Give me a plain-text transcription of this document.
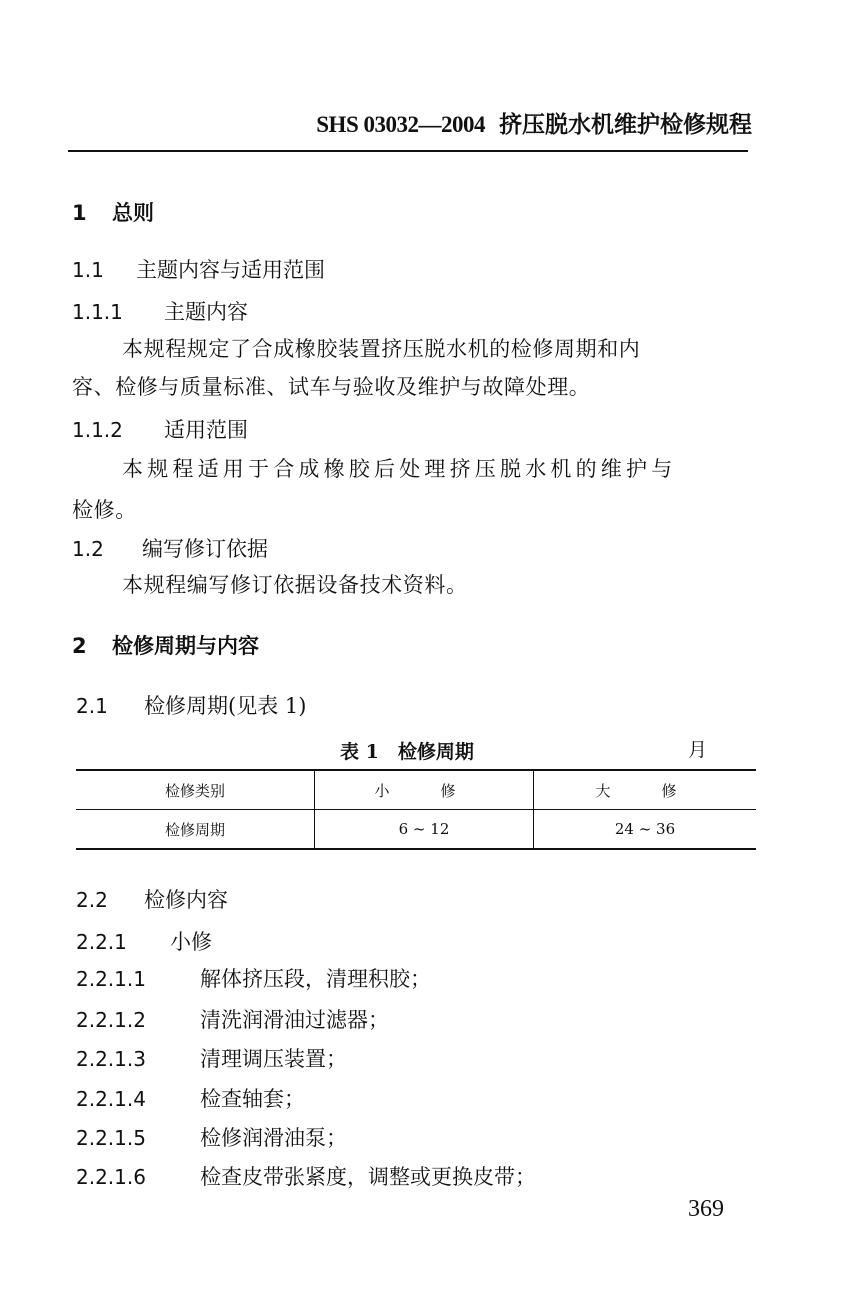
SHS 03032—2004 挤压脱水机维护检修规程
1 总则
1.1 主题内容与适用范围
1.1.1 主题内容
本规程规定了合成橡胶装置挤压脱水机的检修周期和内
容、检修与质量标准、试车与验收及维护与故障处理。
1.1.2 适用范围
本规程适用于合成橡胶后处理挤压脱水机的维护与
检修。
1.2 编写修订依据
本规程编写修订依据设备技术资料。
2 检修周期与内容
2.1 检修周期(见表 1)
表 1　检修周期	月
检修类别	小　修	大　修
检修周期	6 ~ 12	24 ~ 36
2.2 检修内容
2.2.1 小修
2.2.1.1	解体挤压段，清理积胶；
2.2.1.2	清洗润滑油过滤器；
2.2.1.3	清理调压装置；
2.2.1.4	检查轴套；
2.2.1.5	检修润滑油泵；
2.2.1.6	检查皮带张紧度，调整或更换皮带；
369
